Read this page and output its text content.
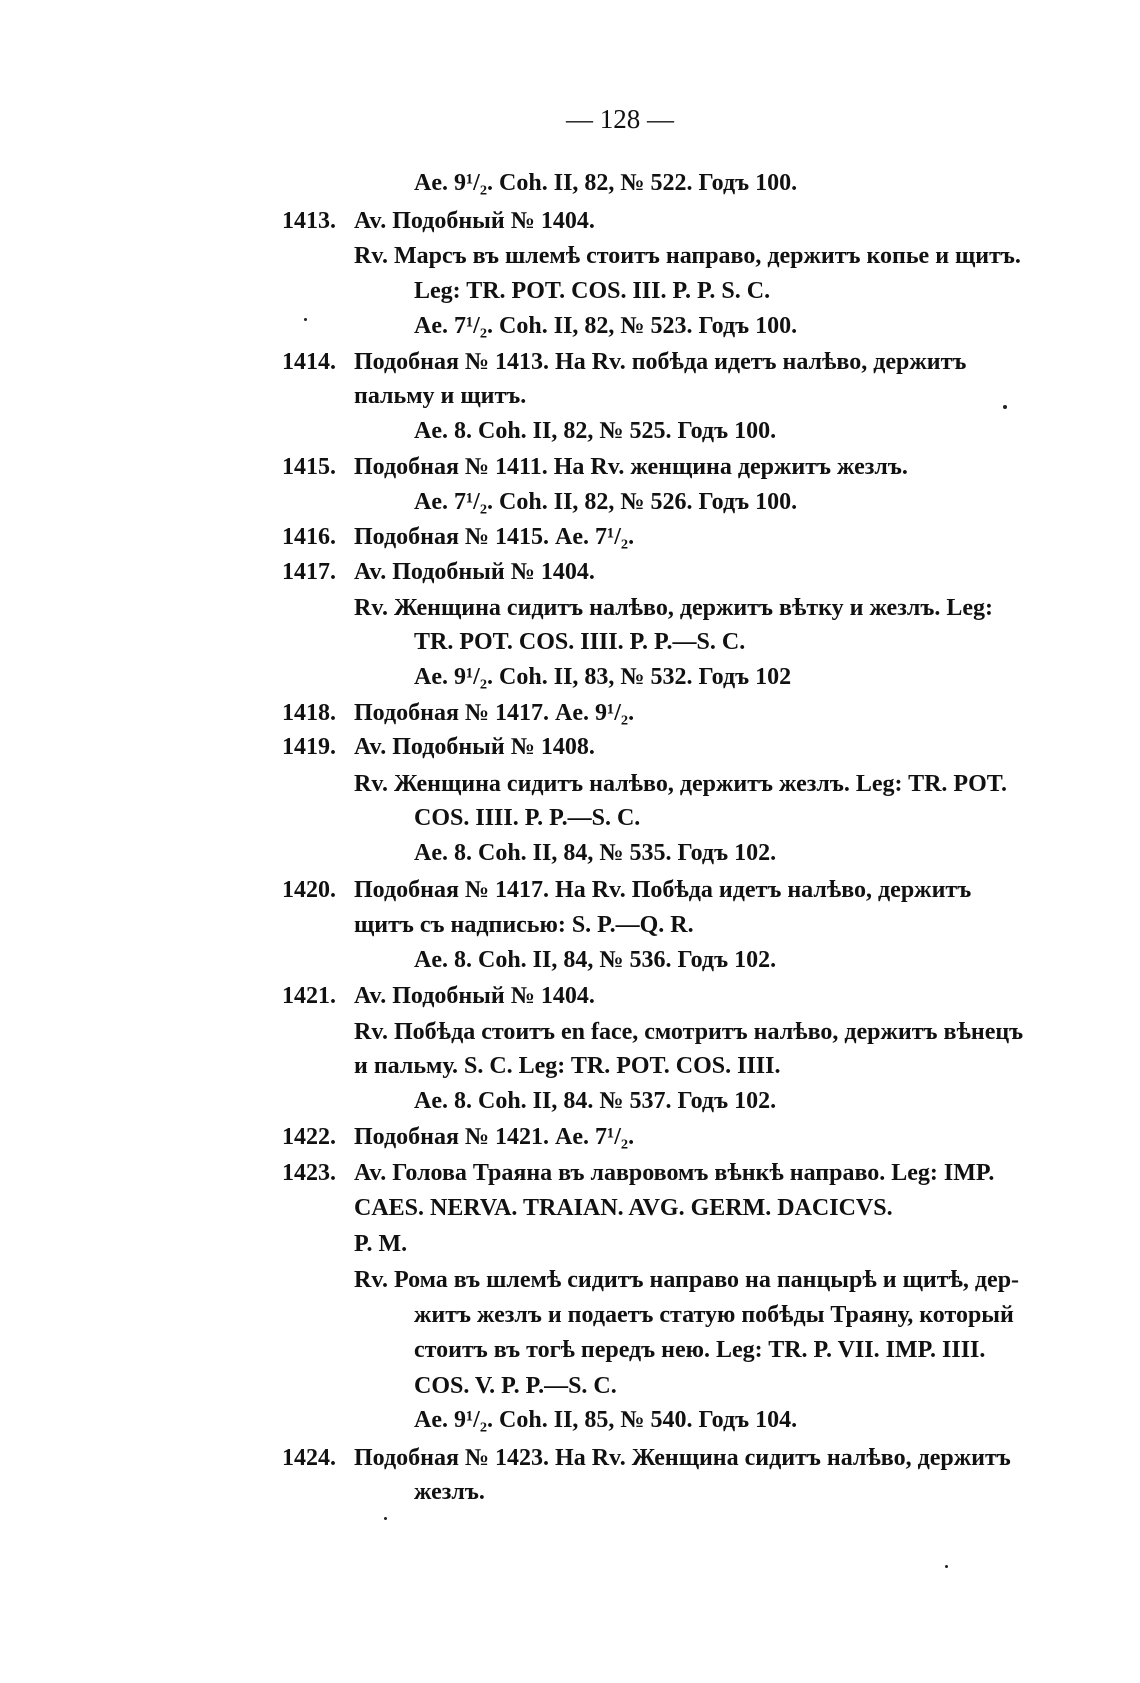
— 128 —
Ae. 9¹/₂. Coh. II, 82, № 522. Годъ 100.
1413. Av. Подобный № 1404.
Rv. Марсъ въ шлемѣ стоитъ направо, держитъ копье и щитъ.
Leg: TR. POT. COS. III. P. P. S. C.
Ae. 7¹/₂. Coh. II, 82, № 523. Годъ 100.
1414. Подобная № 1413. На Rv. побѣда идетъ налѣво, держитъ
пальму и щитъ.
Ae. 8. Coh. II, 82, № 525. Годъ 100.
1415. Подобная № 1411. На Rv. женщина держитъ жезлъ.
Ae. 7¹/₂. Coh. II, 82, № 526. Годъ 100.
1416. Подобная № 1415. Ae. 7¹/₂.
1417. Av. Подобный № 1404.
Rv. Женщина сидитъ налѣво, держитъ вѣтку и жезлъ. Leg:
TR. POT. COS. IIII. P. P.—S. C.
Ae. 9¹/₂. Coh. II, 83, № 532. Годъ 102
1418. Подобная № 1417. Ae. 9¹/₂.
1419. Av. Подобный № 1408.
Rv. Женщина сидитъ налѣво, держитъ жезлъ. Leg: TR. POT.
COS. IIII. P. P.—S. C.
Ae. 8. Coh. II, 84, № 535. Годъ 102.
1420. Подобная № 1417. На Rv. Побѣда идетъ налѣво, держитъ
щитъ съ надписью: S. P.—Q. R.
Ae. 8. Coh. II, 84, № 536. Годъ 102.
1421. Av. Подобный № 1404.
Rv. Побѣда стоитъ en face, смотритъ налѣво, держитъ вѣнецъ
и пальму. S. C. Leg: TR. POT. COS. IIII.
Ae. 8. Coh. II, 84. № 537. Годъ 102.
1422. Подобная № 1421. Ae. 7¹/₂.
1423. Av. Голова Траяна въ лавровомъ вѣнкѣ направо. Leg: IMP.
CAES. NERVA. TRAIAN. AVG. GERM. DACICVS.
P. M.
Rv. Рома въ шлемѣ сидитъ направо на панцырѣ и щитѣ, дер-
житъ жезлъ и подаетъ статую побѣды Траяну, который
стоитъ въ тогѣ передъ нею. Leg: TR. P. VII. IMP. IIII.
COS. V. P. P.—S. C.
Ae. 9¹/₂. Coh. II, 85, № 540. Годъ 104.
1424. Подобная № 1423. На Rv. Женщина сидитъ налѣво, держитъ
жезлъ.
